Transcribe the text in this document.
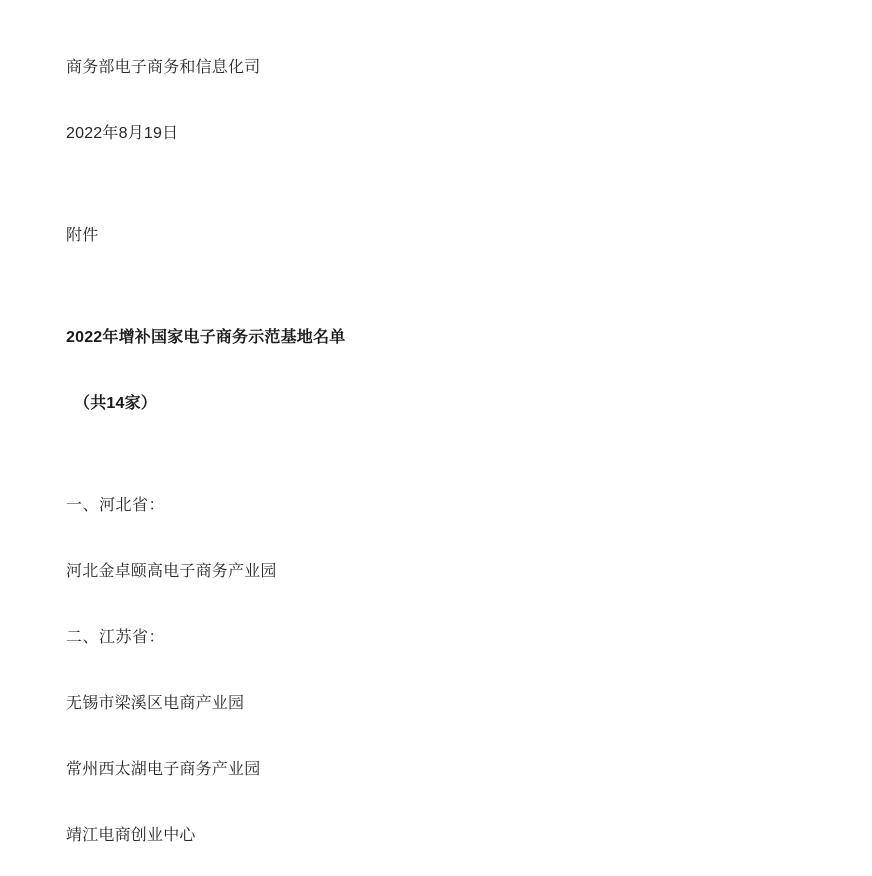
商务部电子商务和信息化司

2022年8月19日

附件

2022年增补国家电子商务示范基地名单

（共14家）

一、河北省：

河北金卓颐高电子商务产业园

二、江苏省：

无锡市梁溪区电商产业园

常州西太湖电子商务产业园

靖江电商创业中心
